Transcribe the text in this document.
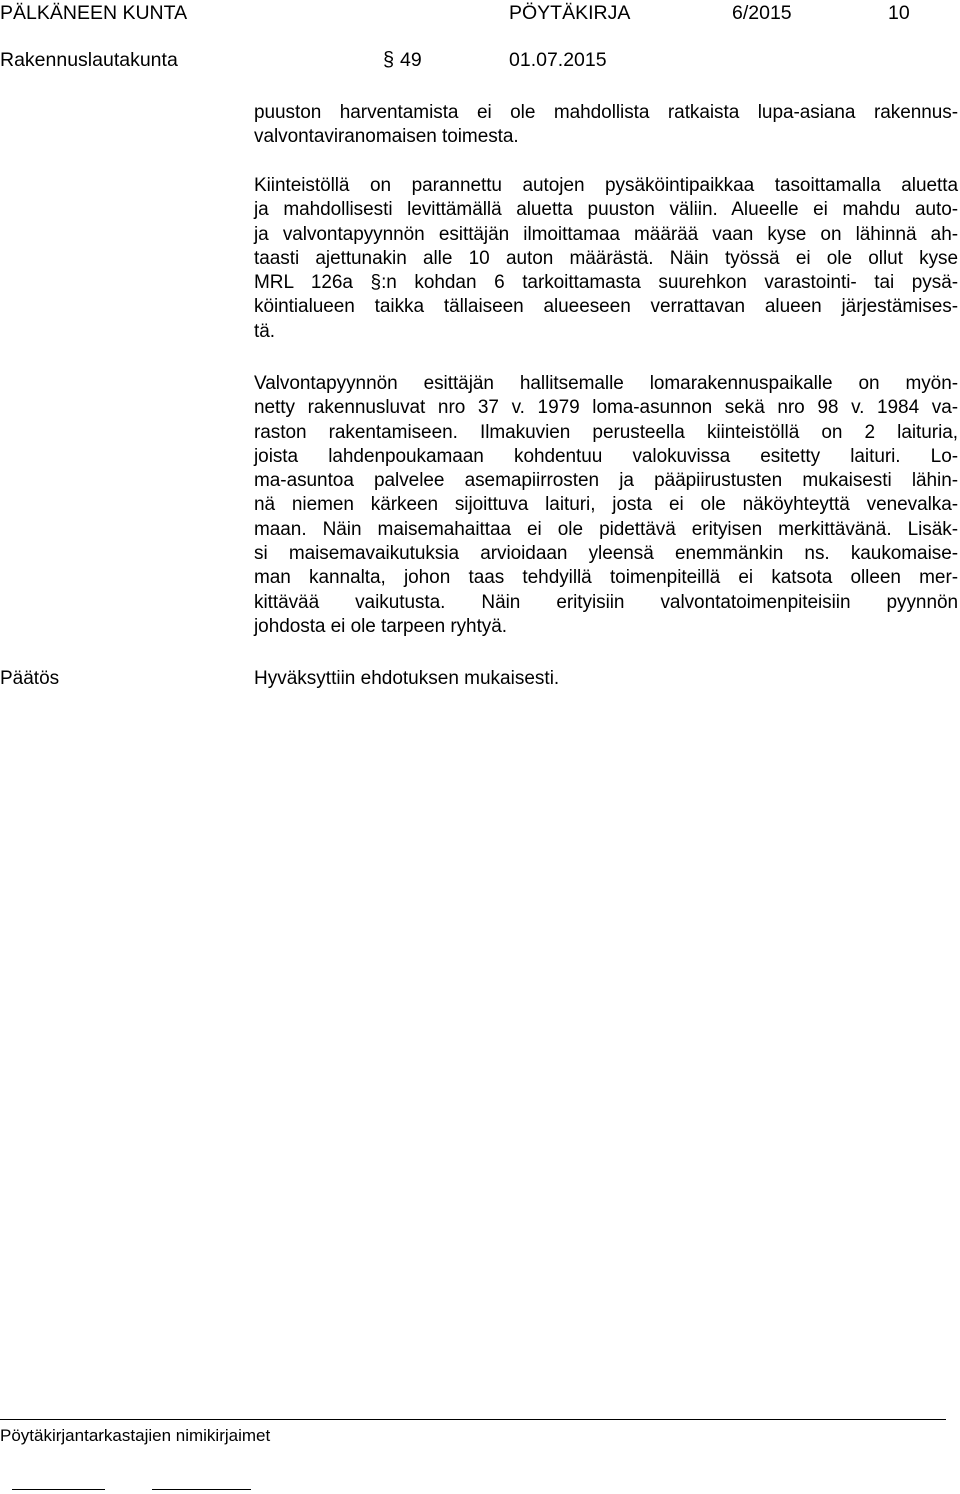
PÄLKÄNEEN KUNTA	PÖYTÄKIRJA	6/2015	10
Rakennuslautakunta	§ 49	01.07.2015
puuston harventamista ei ole mahdollista ratkaista lupa-asiana rakennus-
valvontaviranomaisen toimesta.
Kiinteistöllä on parannettu autojen pysäköintipaikkaa tasoittamalla aluetta
ja mahdollisesti levittämällä aluetta puuston väliin. Alueelle ei mahdu auto-
ja valvontapyynnön esittäjän ilmoittamaa määrää vaan kyse on lähinnä ah-
taasti ajettunakin alle 10 auton määrästä. Näin työssä ei ole ollut kyse
MRL 126a §:n kohdan 6 tarkoittamasta suurehkon varastointi- tai pysä-
köintialueen taikka tällaiseen alueeseen verrattavan alueen järjestämises-
tä.
Valvontapyynnön esittäjän hallitsemalle lomarakennuspaikalle on myön-
netty rakennusluvat nro 37 v. 1979 loma-asunnon sekä nro 98 v. 1984 va-
raston rakentamiseen. Ilmakuvien perusteella kiinteistöllä on 2 laituria,
joista lahdenpoukamaan kohdentuu valokuvissa esitetty laituri. Lo-
ma-asuntoa palvelee asemapiirrosten ja pääpiirustusten mukaisesti lähin-
nä niemen kärkeen sijoittuva laituri, josta ei ole näköyhteyttä venevalka-
maan. Näin maisemahaittaa ei ole pidettävä erityisen merkittävänä. Lisäk-
si maisemavaikutuksia arvioidaan yleensä enemmänkin ns. kaukomaise-
man kannalta, johon taas tehdyillä toimenpiteillä ei katsota olleen mer-
kittävää vaikutusta. Näin erityisiin valvontatoimenpiteisiin pyynnön
johdosta ei ole tarpeen ryhtyä.
Päätös	Hyväksyttiin ehdotuksen mukaisesti.
Pöytäkirjantarkastajien nimikirjaimet
